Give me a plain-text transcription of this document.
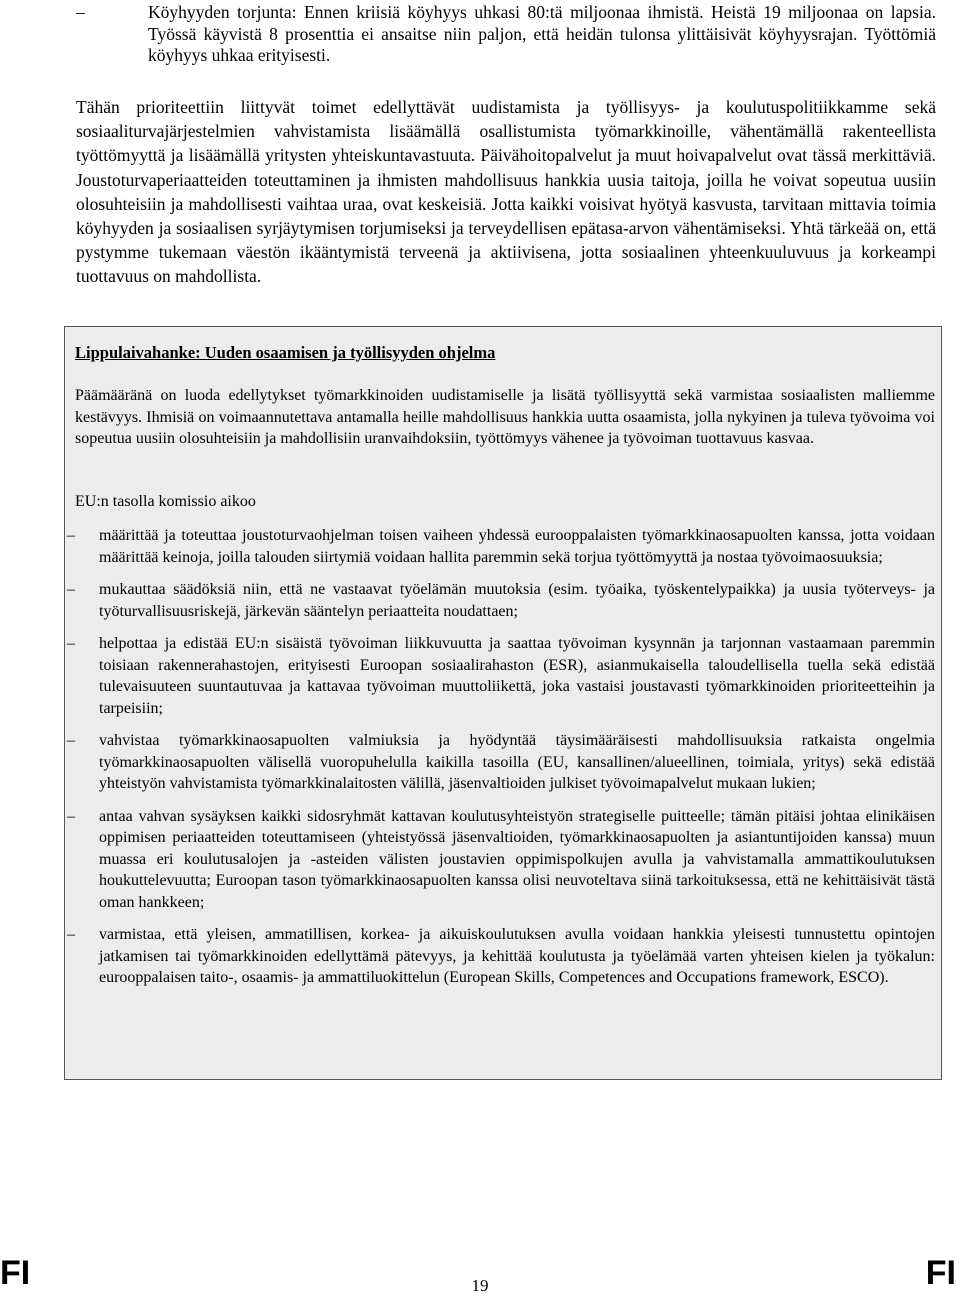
–	Köyhyyden torjunta: Ennen kriisiä köyhyys uhkasi 80:tä miljoonaa ihmistä. Heistä 19 miljoonaa on lapsia. Työssä käyvistä 8 prosenttia ei ansaitse niin paljon, että heidän tulonsa ylittäisivät köyhyysrajan. Työttömiä köyhyys uhkaa erityisesti.
Tähän prioriteettiin liittyvät toimet edellyttävät uudistamista ja työllisyys- ja koulutuspolitiikkamme sekä sosiaaliturvajärjestelmien vahvistamista lisäämällä osallistumista työmarkkinoille, vähentämällä rakenteellista työttömyyttä ja lisäämällä yritysten yhteiskuntavastuuta. Päivähoitopalvelut ja muut hoivapalvelut ovat tässä merkittäviä. Joustoturvaperiaatteiden toteuttaminen ja ihmisten mahdollisuus hankkia uusia taitoja, joilla he voivat sopeutua uusiin olosuhteisiin ja mahdollisesti vaihtaa uraa, ovat keskeisiä. Jotta kaikki voisivat hyötyä kasvusta, tarvitaan mittavia toimia köyhyyden ja sosiaalisen syrjäytymisen torjumiseksi ja terveydellisen epätasa-arvon vähentämiseksi. Yhtä tärkeää on, että pystymme tukemaan väestön ikääntymistä terveenä ja aktiivisena, jotta sosiaalinen yhteenkuuluvuus ja korkeampi tuottavuus on mahdollista.
Lippulaivahanke: Uuden osaamisen ja työllisyyden ohjelma
Päämääränä on luoda edellytykset työmarkkinoiden uudistamiselle ja lisätä työllisyyttä sekä varmistaa sosiaalisten malliemme kestävyys. Ihmisiä on voimaannutettava antamalla heille mahdollisuus hankkia uutta osaamista, jolla nykyinen ja tuleva työvoima voi sopeutua uusiin olosuhteisiin ja mahdollisiin uranvaihdoksiin, työttömyys vähenee ja työvoiman tuottavuus kasvaa.
EU:n tasolla komissio aikoo
–	määrittää ja toteuttaa joustoturvaohjelman toisen vaiheen yhdessä eurooppalaisten työmarkkinaosapuolten kanssa, jotta voidaan määrittää keinoja, joilla talouden siirtymiä voidaan hallita paremmin sekä torjua työttömyyttä ja nostaa työvoimaosuuksia;
–	mukauttaa säädöksiä niin, että ne vastaavat työelämän muutoksia (esim. työaika, työskentelypaikka) ja uusia työterveys- ja työturvallisuusriskejä, järkevän sääntelyn periaatteita noudattaen;
–	helpottaa ja edistää EU:n sisäistä työvoiman liikkuvuutta ja saattaa työvoiman kysynnän ja tarjonnan vastaamaan paremmin toisiaan rakennerahastojen, erityisesti Euroopan sosiaalirahaston (ESR), asianmukaisella taloudellisella tuella sekä edistää tulevaisuuteen suuntautuvaa ja kattavaa työvoiman muuttoliikettä, joka vastaisi joustavasti työmarkkinoiden prioriteetteihin ja tarpeisiin;
–	vahvistaa työmarkkinaosapuolten valmiuksia ja hyödyntää täysimääräisesti mahdollisuuksia ratkaista ongelmia työmarkkinaosapuolten välisellä vuoropuhelulla kaikilla tasoilla (EU, kansallinen/alueellinen, toimiala, yritys) sekä edistää yhteistyön vahvistamista työmarkkinalaitosten välillä, jäsenvaltioiden julkiset työvoimapalvelut mukaan lukien;
–	antaa vahvan sysäyksen kaikki sidosryhmät kattavan koulutusyhteistyön strategiselle puitteelle; tämän pitäisi johtaa elinikäisen oppimisen periaatteiden toteuttamiseen (yhteistyössä jäsenvaltioiden, työmarkkinaosapuolten ja asiantuntijoiden kanssa) muun muassa eri koulutusalojen ja -asteiden välisten joustavien oppimispolkujen avulla ja vahvistamalla ammattikoulutuksen houkuttelevuutta; Euroopan tason työmarkkinaosapuolten kanssa olisi neuvoteltava siinä tarkoituksessa, että ne kehittäisivät tästä oman hankkeen;
–	varmistaa, että yleisen, ammatillisen, korkea- ja aikuiskoulutuksen avulla voidaan hankkia yleisesti tunnustettu opintojen jatkamisen tai työmarkkinoiden edellyttämä pätevyys, ja kehittää koulutusta ja työelämää varten yhteisen kielen ja työkalun: eurooppalaisen taito-, osaamis- ja ammattiluokittelun (European Skills, Competences and Occupations framework, ESCO).
FI	19	FI
